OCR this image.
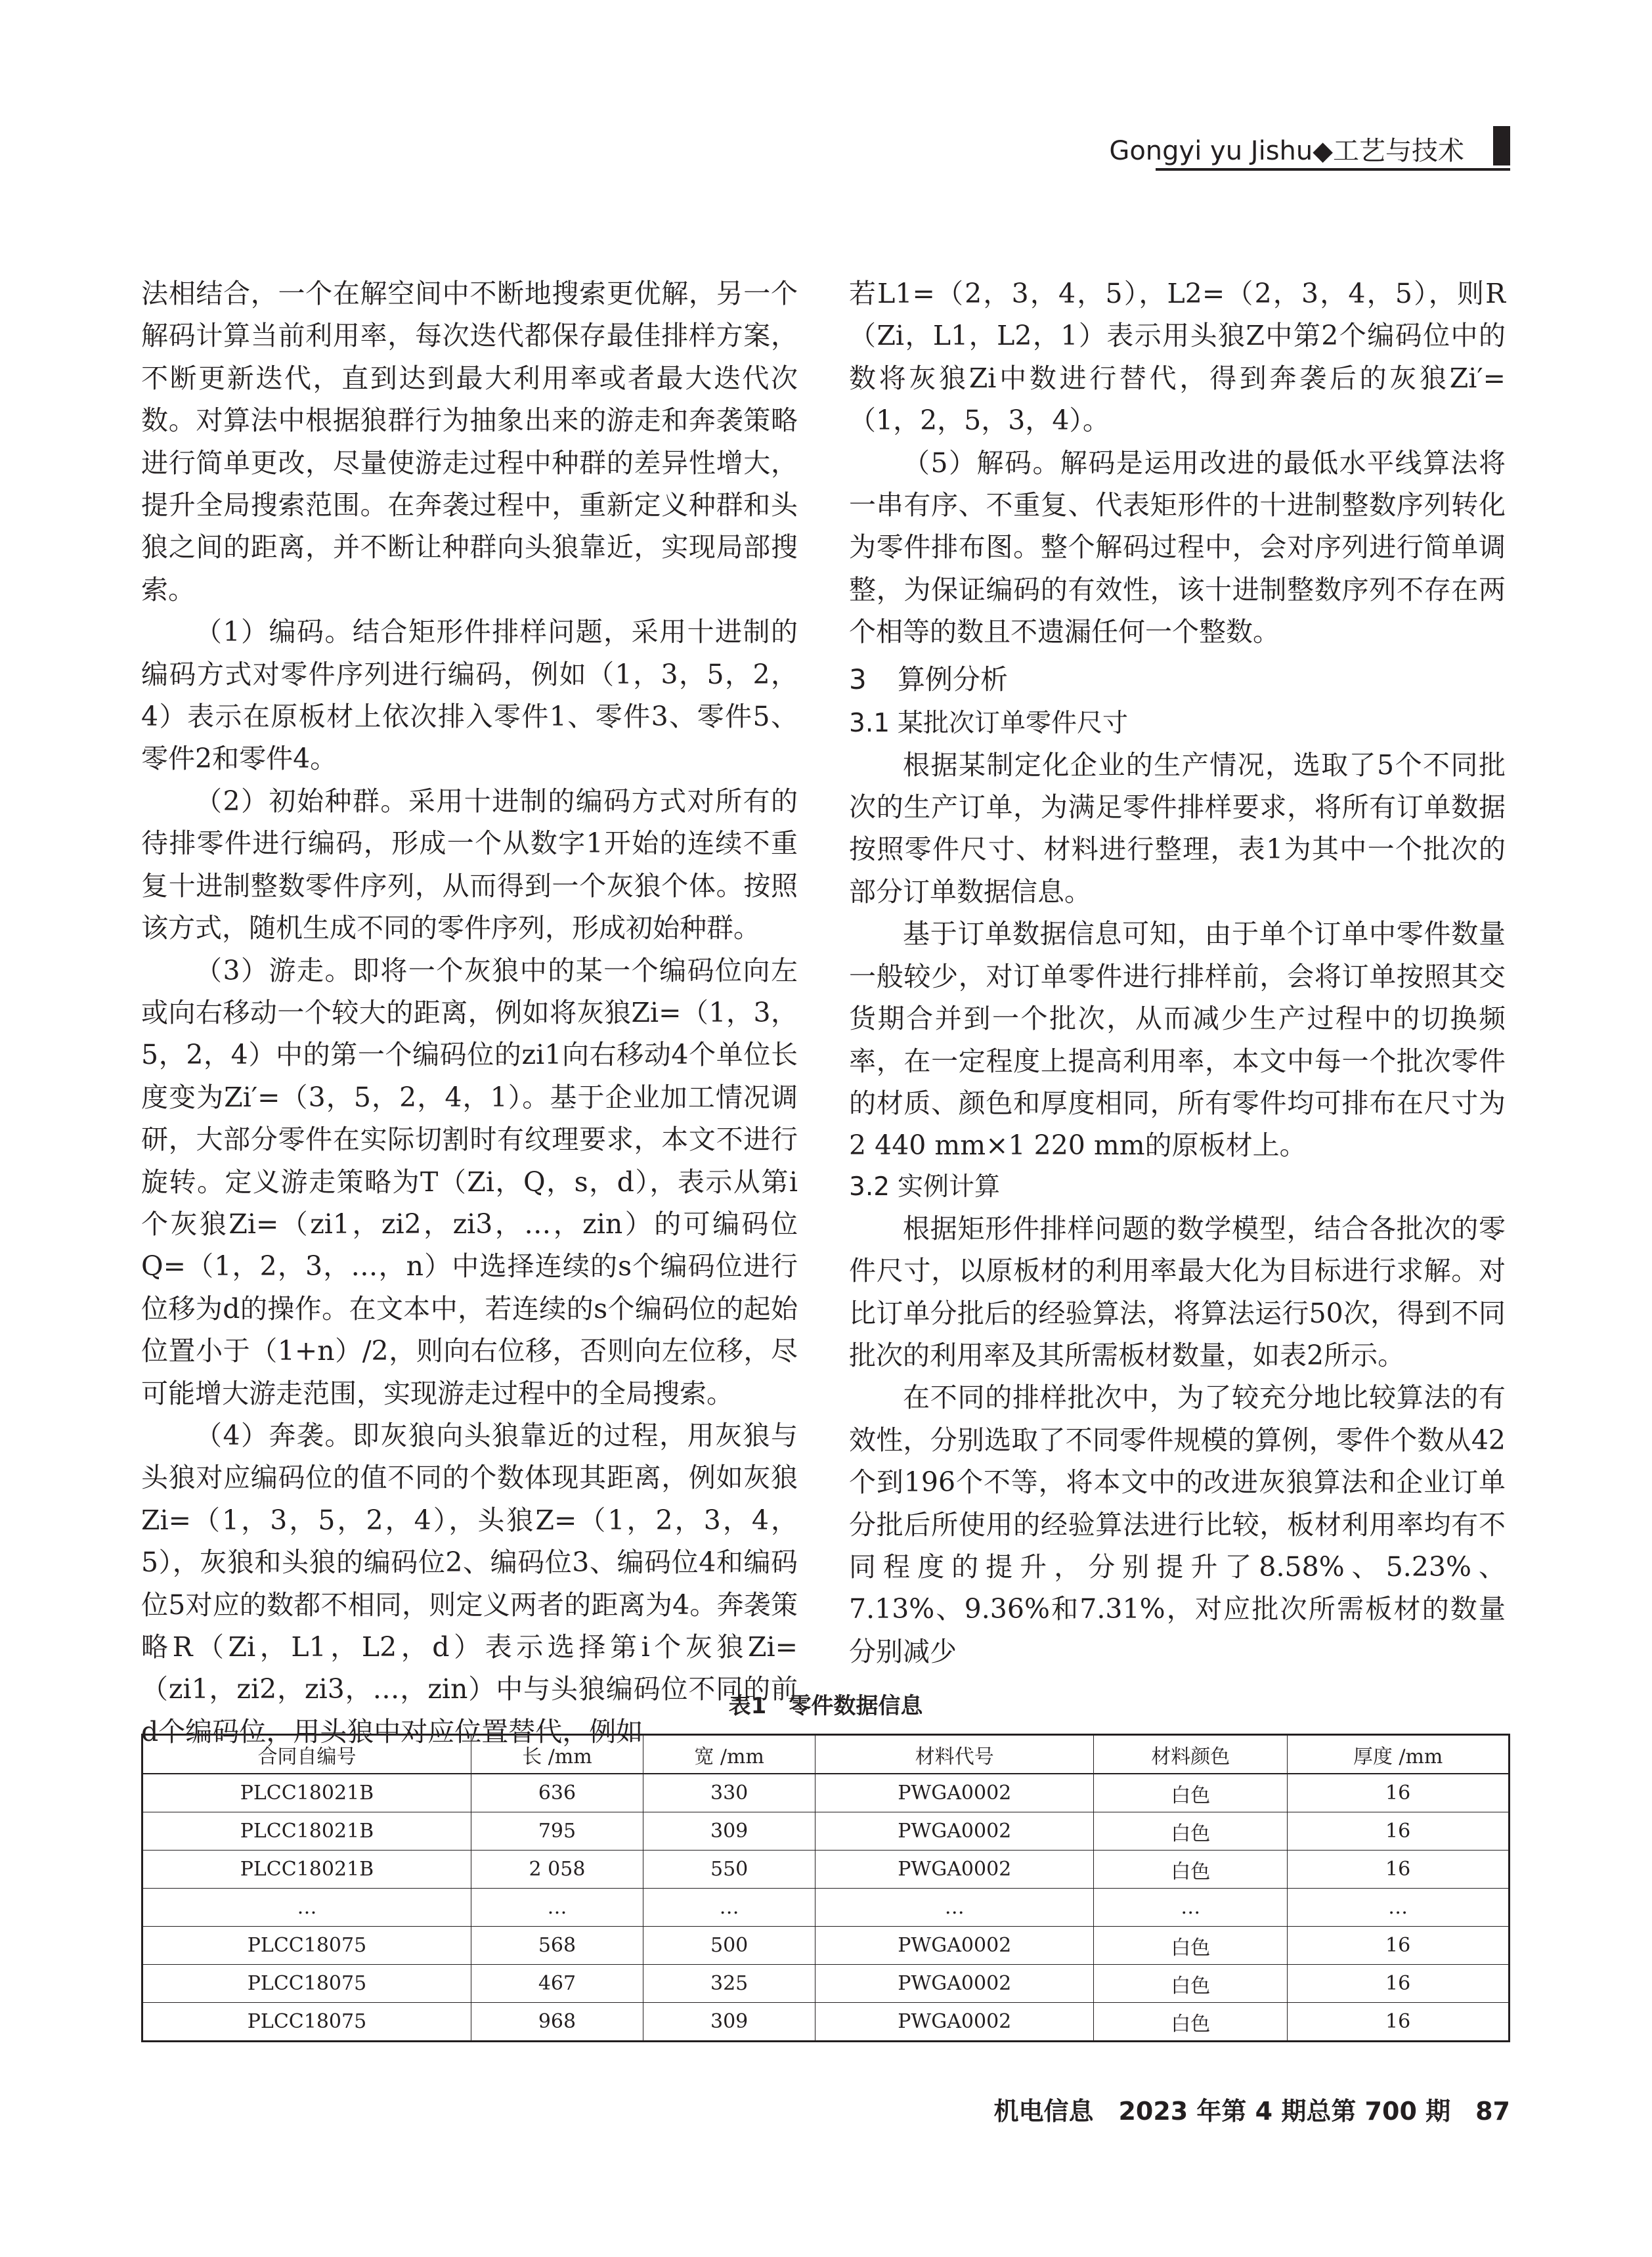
Gongyi yu Jishu◆工艺与技术

法相结合，一个在解空间中不断地搜索更优解，另一个解码计算当前利用率，每次迭代都保存最佳排样方案，不断更新迭代，直到达到最大利用率或者最大迭代次数。对算法中根据狼群行为抽象出来的游走和奔袭策略进行简单更改，尽量使游走过程中种群的差异性增大，提升全局搜索范围。在奔袭过程中，重新定义种群和头狼之间的距离，并不断让种群向头狼靠近，实现局部搜索。

（1）编码。结合矩形件排样问题，采用十进制的编码方式对零件序列进行编码，例如（1，3，5，2，4）表示在原板材上依次排入零件1、零件3、零件5、零件2和零件4。

（2）初始种群。采用十进制的编码方式对所有的待排零件进行编码，形成一个从数字1开始的连续不重复十进制整数零件序列，从而得到一个灰狼个体。按照该方式，随机生成不同的零件序列，形成初始种群。

（3）游走。即将一个灰狼中的某一个编码位向左或向右移动一个较大的距离，例如将灰狼Zi=（1，3，5，2，4）中的第一个编码位的zi1向右移动4个单位长度变为Zi′=（3，5，2，4，1）。基于企业加工情况调研，大部分零件在实际切割时有纹理要求，本文不进行旋转。定义游走策略为T（Zi，Q，s，d），表示从第i个灰狼Zi=（zi1，zi2，zi3，…，zin）的可编码位Q=（1，2，3，…，n）中选择连续的s个编码位进行位移为d的操作。在文本中，若连续的s个编码位的起始位置小于（1+n）/2，则向右位移，否则向左位移，尽可能增大游走范围，实现游走过程中的全局搜索。

（4）奔袭。即灰狼向头狼靠近的过程，用灰狼与头狼对应编码位的值不同的个数体现其距离，例如灰狼Zi=（1，3，5，2，4），头狼Z=（1，2，3，4，5），灰狼和头狼的编码位2、编码位3、编码位4和编码位5对应的数都不相同，则定义两者的距离为4。奔袭策略R（Zi，L1，L2，d）表示选择第i个灰狼Zi=（zi1，zi2，zi3，…，zin）中与头狼编码位不同的前d个编码位，用头狼中对应位置替代，例如

若L1=（2，3，4，5），L2=（2，3，4，5），则R（Zi，L1，L2，1）表示用头狼Z中第2个编码位中的数将灰狼Zi中数进行替代，得到奔袭后的灰狼Zi′=（1，2，5，3，4）。

（5）解码。解码是运用改进的最低水平线算法将一串有序、不重复、代表矩形件的十进制整数序列转化为零件排布图。整个解码过程中，会对序列进行简单调整，为保证编码的有效性，该十进制整数序列不存在两个相等的数且不遗漏任何一个整数。

3 算例分析
3.1 某批次订单零件尺寸

根据某制定化企业的生产情况，选取了5个不同批次的生产订单，为满足零件排样要求，将所有订单数据按照零件尺寸、材料进行整理，表1为其中一个批次的部分订单数据信息。

基于订单数据信息可知，由于单个订单中零件数量一般较少，对订单零件进行排样前，会将订单按照其交货期合并到一个批次，从而减少生产过程中的切换频率，在一定程度上提高利用率，本文中每一个批次零件的材质、颜色和厚度相同，所有零件均可排布在尺寸为2 440 mm×1 220 mm的原板材上。

3.2 实例计算

根据矩形件排样问题的数学模型，结合各批次的零件尺寸，以原板材的利用率最大化为目标进行求解。对比订单分批后的经验算法，将算法运行50次，得到不同批次的利用率及其所需板材数量，如表2所示。

在不同的排样批次中，为了较充分地比较算法的有效性，分别选取了不同零件规模的算例，零件个数从42个到196个不等，将本文中的改进灰狼算法和企业订单分批后所使用的经验算法进行比较，板材利用率均有不同程度的提升，分别提升了8.58%、5.23%、7.13%、9.36%和7.31%，对应批次所需板材的数量分别减少

表1　零件数据信息
合同自编号	长 /mm	宽 /mm	材料代号	材料颜色	厚度 /mm
PLCC18021B	636	330	PWGA0002	白色	16
PLCC18021B	795	309	PWGA0002	白色	16
PLCC18021B	2 058	550	PWGA0002	白色	16
…	…	…	…	…	…
PLCC18075	568	500	PWGA0002	白色	16
PLCC18075	467	325	PWGA0002	白色	16
PLCC18075	968	309	PWGA0002	白色	16
机电信息　2023 年第 4 期总第 700 期　87
